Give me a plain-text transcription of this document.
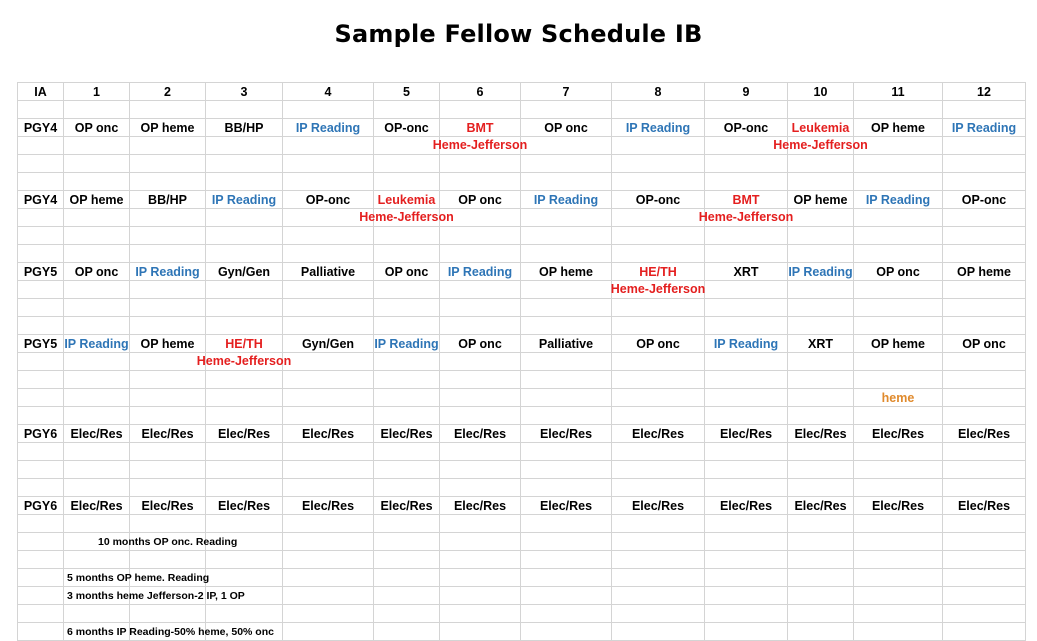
Sample Fellow Schedule IB
IA	1	2	3	4	5	6	7	8	9	10	11	12

PGY4	OP onc	OP heme	BB/HP	IP Reading	OP-onc	BMT	OP onc	IP Reading	OP-onc	Leukemia	OP heme	IP Reading

						Heme-Jefferson				Heme-Jefferson		

PGY4	OP heme	BB/HP	IP Reading	OP-onc	Leukemia	OP onc	IP Reading	OP-onc	BMT	OP heme	IP Reading	OP-onc

					Heme-Jefferson				Heme-Jefferson			

PGY5	OP onc	IP Reading	Gyn/Gen	Palliative	OP onc	IP Reading	OP heme	HE/TH	XRT	IP Reading	OP onc	OP heme

								Heme-Jefferson				

PGY5	IP Reading	OP heme	HE/TH	Gyn/Gen	IP Reading	OP onc	Palliative	OP onc	IP Reading	XRT	OP heme	OP onc

			Heme-Jefferson									

											heme	

PGY6	Elec/Res	Elec/Res	Elec/Res	Elec/Res	Elec/Res	Elec/Res	Elec/Res	Elec/Res	Elec/Res	Elec/Res	Elec/Res	Elec/Res

PGY6	Elec/Res	Elec/Res	Elec/Res	Elec/Res	Elec/Res	Elec/Res	Elec/Res	Elec/Res	Elec/Res	Elec/Res	Elec/Res	Elec/Res

	10 months OP onc. Reading											

	5 months OP heme. Reading											

	3 months heme Jefferson-2 IP, 1 OP											

	6 months IP Reading-50% heme, 50% onc											
